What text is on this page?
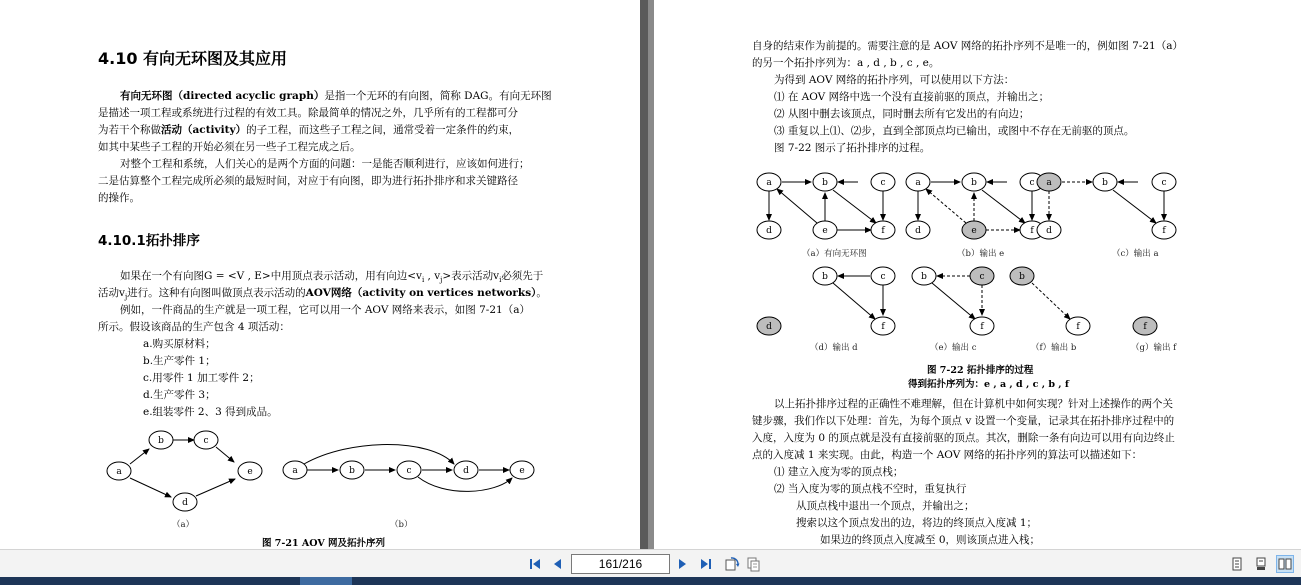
4.10 有向无环图及其应用
有向无环图（directed acyclic graph）是指一个无环的有向图，简称 DAG。有向无环图
是描述一项工程或系统进行过程的有效工具。除最简单的情况之外，几乎所有的工程都可分
为若干个称做活动（activity）的子工程，而这些子工程之间，通常受着一定条件的约束，
如其中某些子工程的开始必须在另一些子工程完成之后。
对整个工程和系统，人们关心的是两个方面的问题：一是能否顺利进行，应该如何进行；
二是估算整个工程完成所必须的最短时间，对应于有向图，即为进行拓扑排序和求关键路径
的操作。
4.10.1拓扑排序
如果在一个有向图G = <V , E>中用顶点表示活动，用有向边$<v_i$ , $v_j>$表示活动$v_i$必须先于
活动$v_j$进行。这种有向图叫做顶点表示活动的AOV网络（activity on vertices networks）。
例如，一件商品的生产就是一项工程，它可以用一个 AOV 网络来表示，如图 7-21（a）
所示。假设该商品的生产包含 4 项活动：
a.购买原材料；
b.生产零件 1；
c.用零件 1 加工零件 2；
d.生产零件 3；
e.组装零件 2、3 得到成品。
a
b	c
d
e	a	b	c	d	e
（a）	（b）
图 7-21 AOV 网及拓扑序列
自身的结束作为前提的。需要注意的是 AOV 网络的拓扑序列不是唯一的，例如图 7-21（a）
的另一个拓扑序列为：a , d , b , c , e。
为得到 AOV 网络的拓扑序列，可以使用以下方法：
⑴ 在 AOV 网络中选一个没有直接前驱的顶点，并输出之；
⑵ 从图中删去该顶点，同时删去所有它发出的有向边；
⑶ 重复以上⑴、⑵步，直到全部顶点均已输出，或图中不存在无前驱的顶点。
图 7-22 图示了拓扑排序的过程。
a	b	c
d	e	f
a	b	c
d	e	f
a	b	c
d	f
b	c
d	f
b	c
f
b
f	f
（a）有向无环图	（b）输出 e	（c）输出 a
（d）输出 d	（e）输出 c	（f）输出 b	（g）输出 f
图 7-22 拓扑排序的过程
得到拓扑序列为：e , a , d , c , b , f
以上拓扑排序过程的正确性不难理解，但在计算机中如何实现？针对上述操作的两个关
键步骤，我们作以下处理：首先，为每个顶点 v 设置一个变量，记录其在拓扑排序过程中的
入度，入度为 0 的顶点就是没有直接前驱的顶点。其次，删除一条有向边可以用有向边终止
点的入度减 1 来实现。由此，构造一个 AOV 网络的拓扑序列的算法可以描述如下：
⑴ 建立入度为零的顶点栈；
⑵ 当入度为零的顶点栈不空时，重复执行
从顶点栈中退出一个顶点，并输出之；
搜索以这个顶点发出的边，将边的终顶点入度减 1；
如果边的终顶点入度减至 0，则该顶点进入栈；
161/216
